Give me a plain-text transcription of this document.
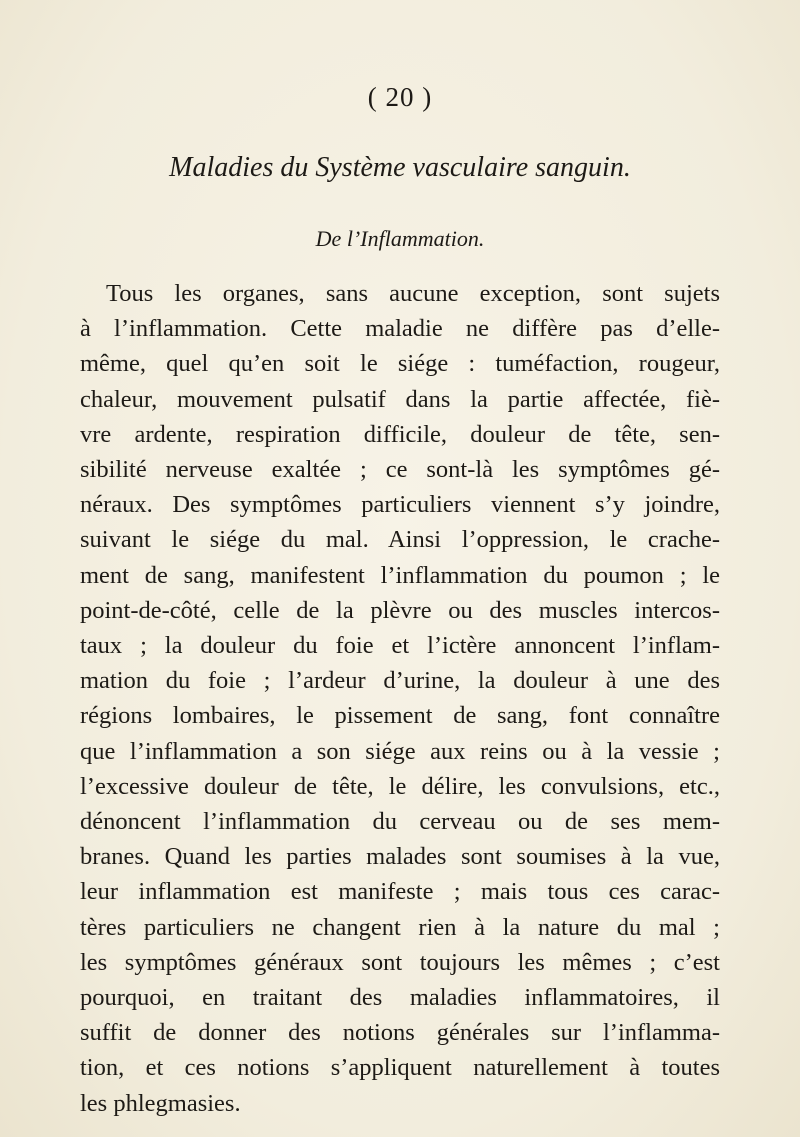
( 20 )
Maladies du Système vasculaire sanguin.
De l’Inflammation.
Tous les organes, sans aucune exception, sont sujets
à l’inflammation. Cette maladie ne diffère pas d’elle-
même, quel qu’en soit le siége : tuméfaction, rougeur,
chaleur, mouvement pulsatif dans la partie affectée, fiè-
vre ardente, respiration difficile, douleur de tête, sen-
sibilité nerveuse exaltée ; ce sont-là les symptômes gé-
néraux. Des symptômes particuliers viennent s’y joindre,
suivant le siége du mal. Ainsi l’oppression, le crache-
ment de sang, manifestent l’inflammation du poumon ; le
point-de-côté, celle de la plèvre ou des muscles intercos-
taux ; la douleur du foie et l’ictère annoncent l’inflam-
mation du foie ; l’ardeur d’urine, la douleur à une des
régions lombaires, le pissement de sang, font connaître
que l’inflammation a son siége aux reins ou à la vessie ;
l’excessive douleur de tête, le délire, les convulsions, etc.,
dénoncent l’inflammation du cerveau ou de ses mem-
branes. Quand les parties malades sont soumises à la vue,
leur inflammation est manifeste ; mais tous ces carac-
tères particuliers ne changent rien à la nature du mal ;
les symptômes généraux sont toujours les mêmes ; c’est
pourquoi, en traitant des maladies inflammatoires, il
suffit de donner des notions générales sur l’inflamma-
tion, et ces notions s’appliquent naturellement à toutes
les phlegmasies.
